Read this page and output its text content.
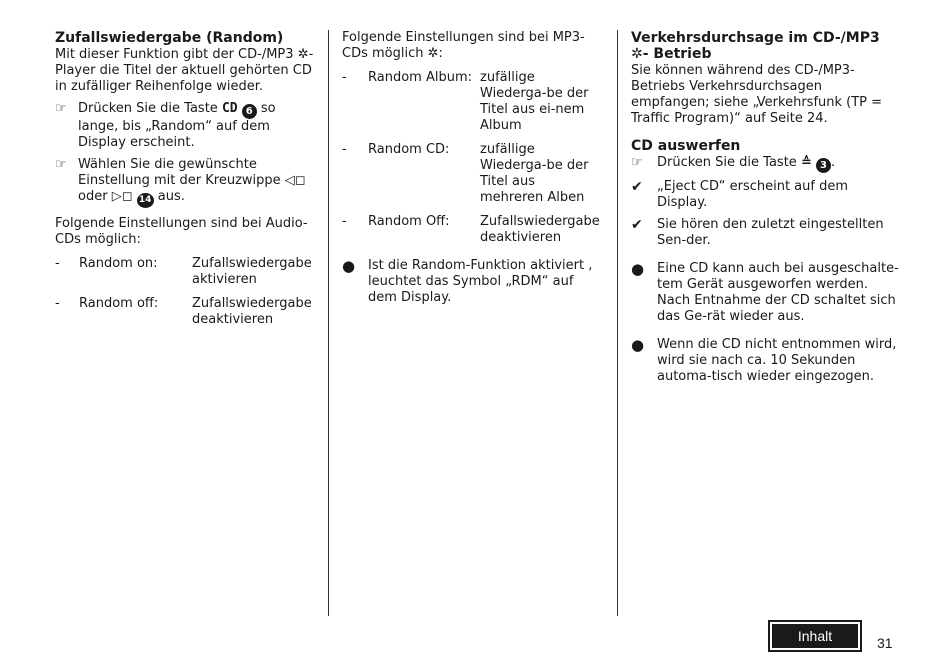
Zufallswiedergabe (Random)

Mit dieser Funktion gibt der CD-/MP3 ✲- Player die Titel der aktuell gehörten CD in zufälliger Reihenfolge wieder.

☞ Drücken Sie die Taste CD 6 so lange, bis „Random“ auf dem Display erscheint.
☞ Wählen Sie die gewünschte Einstellung mit der Kreuzwippe ◁◻ oder ▷◻ 14 aus.

Folgende Einstellungen sind bei Audio-CDs möglich:

- Random on:	Zufallswiedergabe aktivieren
- Random off:	Zufallswiedergabe deaktivieren

Folgende Einstellungen sind bei MP3-CDs möglich ✲:

- Random Album: zufällige Wiederga-be der Titel aus ei-nem Album
- Random CD: zufällige Wiederga-be der Titel aus mehreren Alben
- Random Off: Zufallswiedergabe deaktivieren
● Ist die Random-Funktion aktiviert , leuchtet das Symbol „RDM“ auf dem Display.
Verkehrsdurchsage im CD-/MP3 ✲- Betrieb

Sie können während des CD-/MP3-Betriebs Verkehrsdurchsagen empfangen; siehe „Verkehrsfunk (TP = Traffic Program)“ auf Seite 24.

CD auswerfen
☞	Drücken Sie die Taste ≙ 3 .
✔ „Eject CD“ erscheint auf dem Display.
✔ Sie hören den zuletzt eingestellten Sen-der.
● Eine CD kann auch bei ausgeschalte-tem Gerät ausgeworfen werden. Nach Entnahme der CD schaltet sich das Ge-rät wieder aus.
● Wenn die CD nicht entnommen wird, wird sie nach ca. 10 Sekunden automa-tisch wieder eingezogen.
Inhalt	31
